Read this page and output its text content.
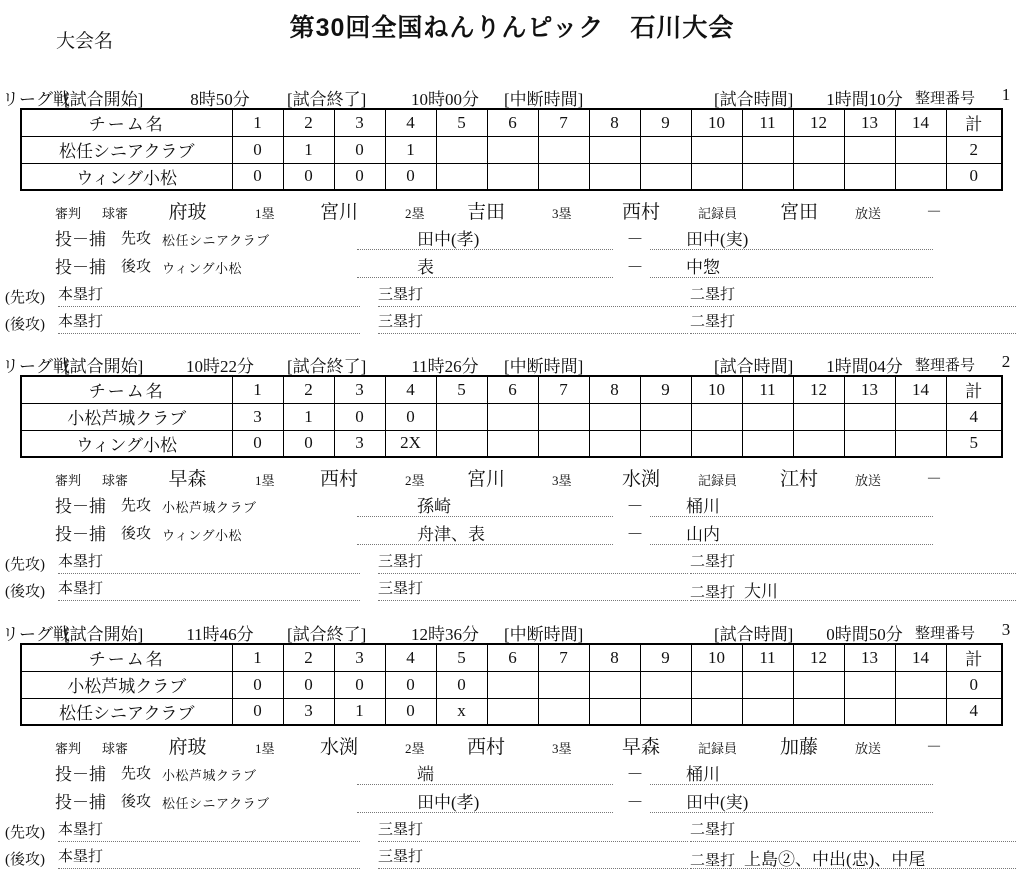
第30回全国ねんりんピック　石川大会
大会名
リーグ戦
[試合開始]	8時50分	[試合終了]	10時00分	[中断時間]	[試合時間]	1時間10分 整理番号	1
チーム名	1	2	3	4	5	6	7	8	9	10	11	12	13	14	計
松任シニアクラブ	0	1	0	1											2
ウィング小松	0	0	0	0											0
審判 球審	府玻	1塁	宮川	2塁	吉田	3塁	西村	記録員	宮田	放送	－
投－捕 先攻 松任シニアクラブ	田中(孝)	－	田中(実)
投－捕 後攻 ウィング小松	表	－	中惣
(先攻) 本塁打	三塁打	二塁打
(後攻) 本塁打	三塁打	二塁打
リーグ戦
[試合開始]	10時22分	[試合終了]	11時26分	[中断時間]	[試合時間]	1時間04分 整理番号	2
チーム名	1	2	3	4	5	6	7	8	9	10	11	12	13	14	計
小松芦城クラブ	3	1	0	0											4
ウィング小松	0	0	3	2X											5
審判 球審	早森	1塁	西村	2塁	宮川	3塁	水渕	記録員	江村	放送	－
投－捕 先攻 小松芦城クラブ	孫崎	－	桶川
投－捕 後攻 ウィング小松	舟津、表	－	山内
(先攻) 本塁打	三塁打	二塁打
(後攻) 本塁打	三塁打	二塁打 大川
リーグ戦
[試合開始]	11時46分	[試合終了]	12時36分	[中断時間]	[試合時間]	0時間50分 整理番号	3
チーム名	1	2	3	4	5	6	7	8	9	10	11	12	13	14	計
小松芦城クラブ	0	0	0	0	0										0
松任シニアクラブ	0	3	1	0	x										4
審判 球審	府玻	1塁	水渕	2塁	西村	3塁	早森	記録員	加藤	放送	－
投－捕 先攻 小松芦城クラブ	端	－	桶川
投－捕 後攻 松任シニアクラブ	田中(孝)	－	田中(実)
(先攻) 本塁打	三塁打	二塁打
(後攻) 本塁打	三塁打	二塁打 上島②、中出(忠)、中尾
